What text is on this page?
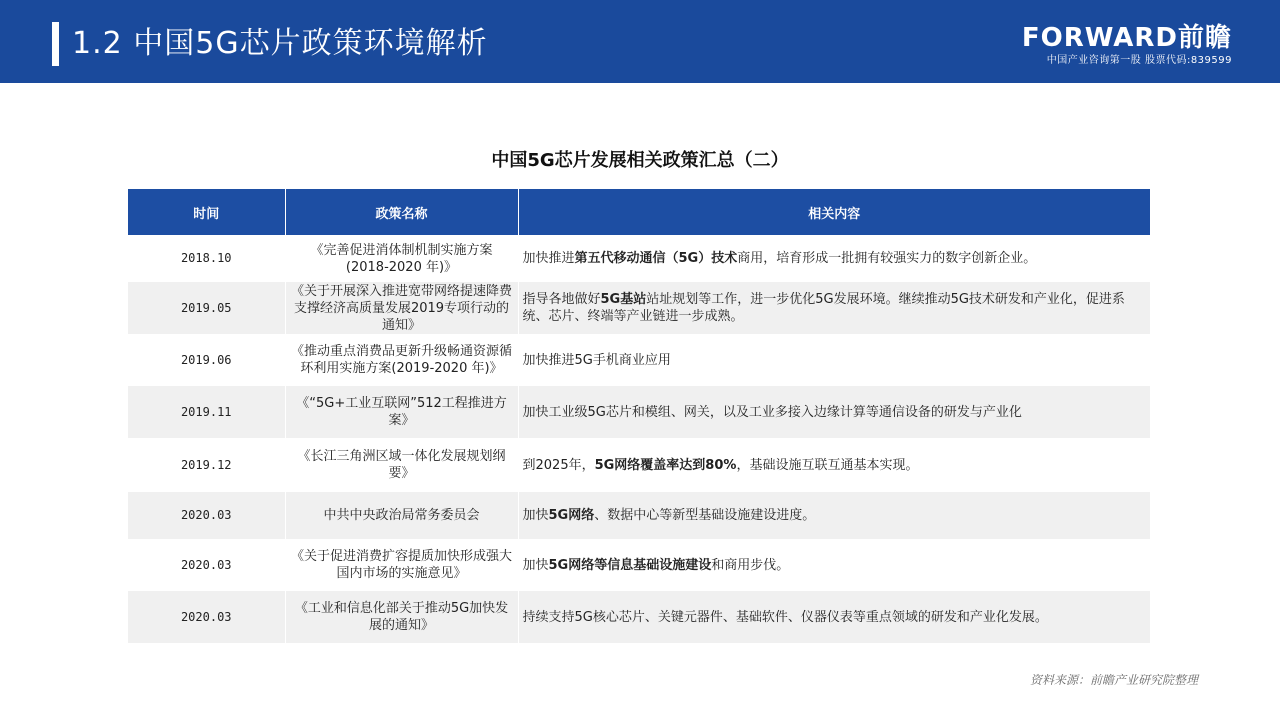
1.2 中国5G芯片政策环境解析	FORWARD前瞻
中国产业咨询第一股 股票代码:839599
中国5G芯片发展相关政策汇总（二）
时间	政策名称	相关内容
2018.10	《完善促进消体制机制实施方案(2018-2020 年)》	加快推进第五代移动通信（5G）技术商用，培育形成一批拥有较强实力的数字创新企业。
2019.05	《关于开展深入推进宽带网络提速降费 支撑经济高质量发展2019专项行动的通知》	指导各地做好5G基站站址规划等工作，进一步优化5G发展环境。继续推动5G技术研发和产业化，促进系统、芯片、终端等产业链进一步成熟。
2019.06	《推动重点消费品更新升级畅通资源循环利用实施方案(2019-2020 年)》	加快推进5G手机商业应用
2019.11	《“5G+工业互联网”512工程推进方案》	加快工业级5G芯片和模组、网关，以及工业多接入边缘计算等通信设备的研发与产业化
2019.12	《长江三角洲区域一体化发展规划纲要》	到2025年，5G网络覆盖率达到80%，基础设施互联互通基本实现。
2020.03	中共中央政治局常务委员会	加快5G网络、数据中心等新型基础设施建设进度。
2020.03	《关于促进消费扩容提质加快形成强大国内市场的实施意见》	加快5G网络等信息基础设施建设和商用步伐。
2020.03	《工业和信息化部关于推动5G加快发展的通知》	持续支持5G核心芯片、关键元器件、基础软件、仪器仪表等重点领域的研发和产业化发展。
资料来源：前瞻产业研究院整理
